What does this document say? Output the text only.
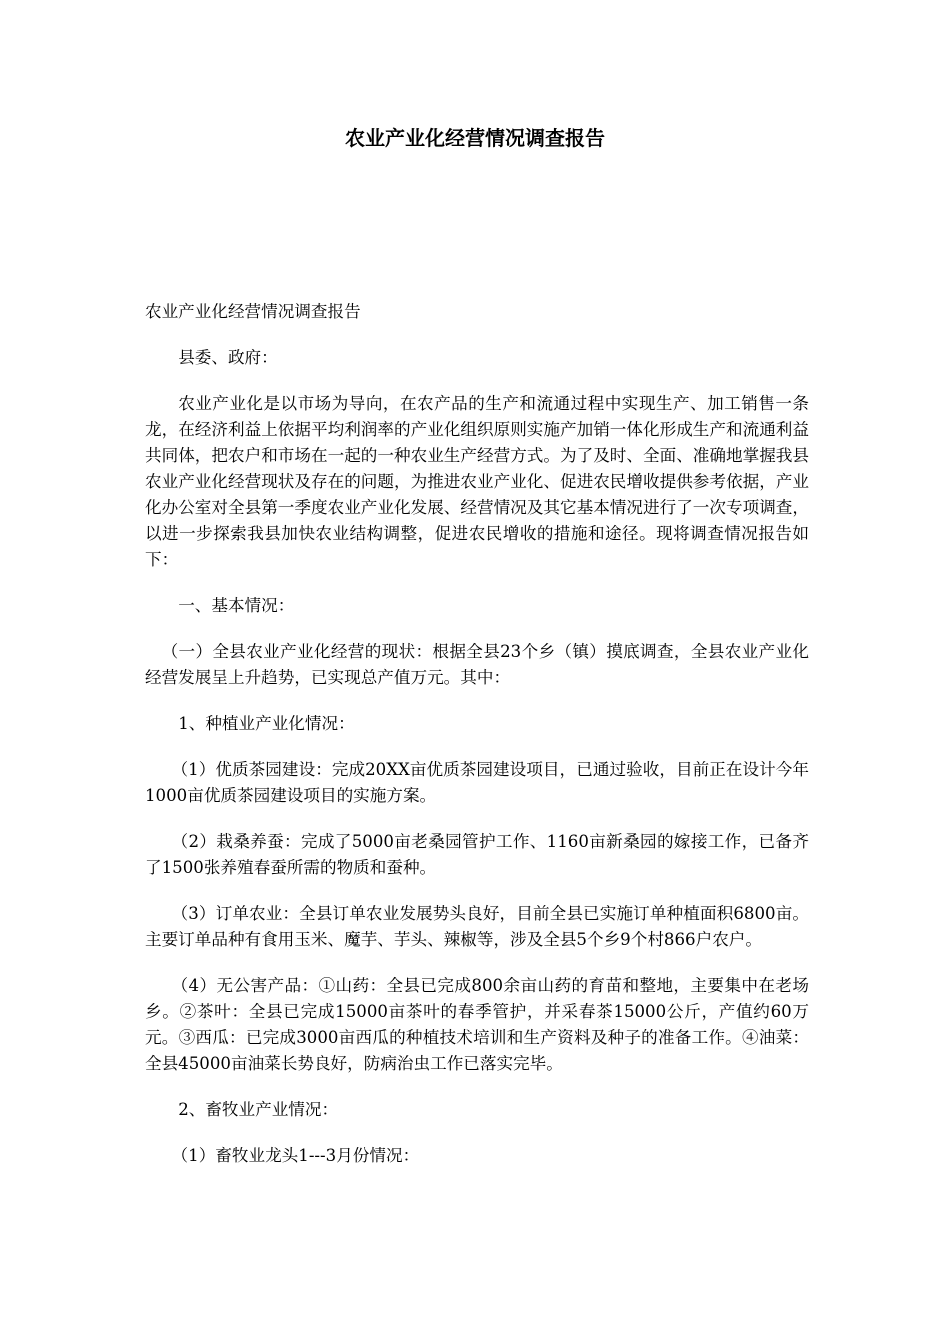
农业产业化经营情况调查报告

农业产业化经营情况调查报告

县委、政府：

农业产业化是以市场为导向，在农产品的生产和流通过程中实现生产、加工销售一条龙，在经济利益上依据平均利润率的产业化组织原则实施产加销一体化形成生产和流通利益共同体，把农户和市场在一起的一种农业生产经营方式。为了及时、全面、准确地掌握我县农业产业化经营现状及存在的问题，为推进农业产业化、促进农民增收提供参考依据，产业化办公室对全县第一季度农业产业化发展、经营情况及其它基本情况进行了一次专项调查，以进一步探索我县加快农业结构调整，促进农民增收的措施和途径。现将调查情况报告如下：

一、基本情况：

（一）全县农业产业化经营的现状：根据全县23个乡（镇）摸底调查，全县农业产业化经营发展呈上升趋势，已实现总产值万元。其中：

1、种植业产业化情况：

（1）优质茶园建设：完成20XX亩优质茶园建设项目，已通过验收，目前正在设计今年1000亩优质茶园建设项目的实施方案。

（2）栽桑养蚕：完成了5000亩老桑园管护工作、1160亩新桑园的嫁接工作，已备齐了1500张养殖春蚕所需的物质和蚕种。

（3）订单农业：全县订单农业发展势头良好，目前全县已实施订单种植面积6800亩。主要订单品种有食用玉米、魔芋、芋头、辣椒等，涉及全县5个乡9个村866户农户。

（4）无公害产品：①山药：全县已完成800余亩山药的育苗和整地，主要集中在老场乡。②茶叶：全县已完成15000亩茶叶的春季管护，并采春茶15000公斤，产值约60万元。③西瓜：已完成3000亩西瓜的种植技术培训和生产资料及种子的准备工作。④油菜：全县45000亩油菜长势良好，防病治虫工作已落实完毕。

2、畜牧业产业情况：

（1）畜牧业龙头1---3月份情况：
